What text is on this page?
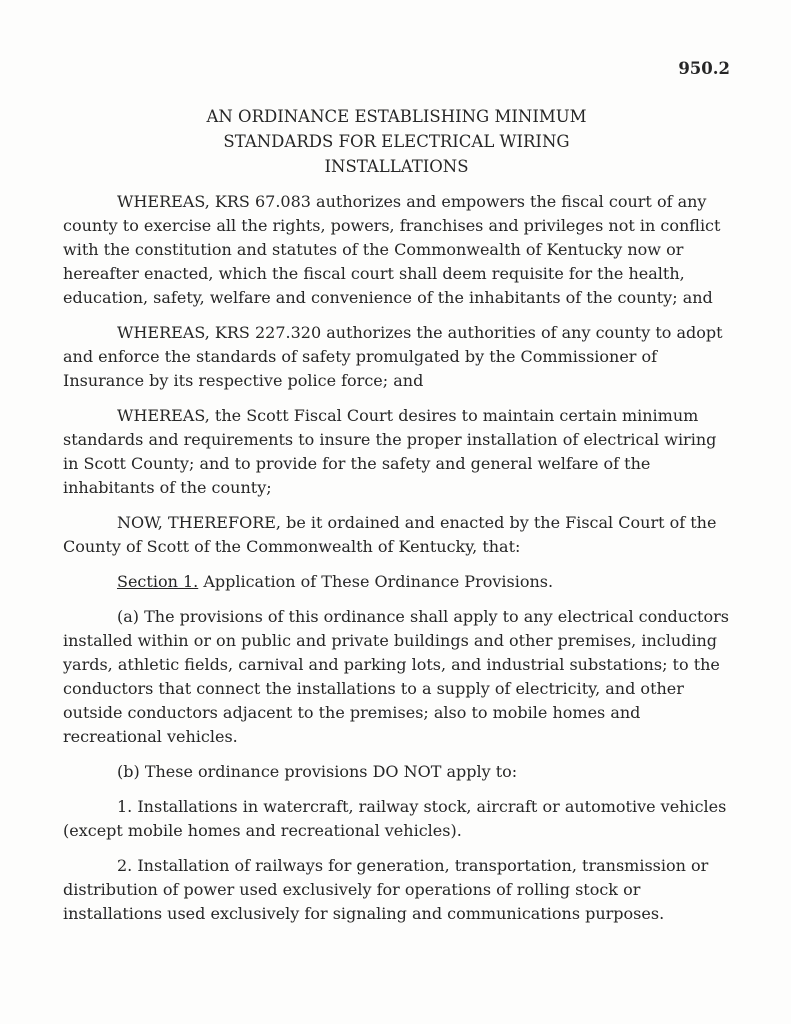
950.2
AN ORDINANCE ESTABLISHING MINIMUM
STANDARDS FOR ELECTRICAL WIRING
INSTALLATIONS

WHEREAS, KRS 67.083 authorizes and empowers the fiscal court of any county to exercise all the rights, powers, franchises and privileges not in conflict with the constitution and statutes of the Commonwealth of Kentucky now or hereafter enacted, which the fiscal court shall deem requisite for the health, education, safety, welfare and convenience of the inhabitants of the county; and

WHEREAS, KRS 227.320 authorizes the authorities of any county to adopt and enforce the standards of safety promulgated by the Commissioner of Insurance by its respective police force; and

WHEREAS, the Scott Fiscal Court desires to maintain certain minimum standards and requirements to insure the proper installation of electrical wiring in Scott County; and to provide for the safety and general welfare of the inhabitants of the county;

NOW, THEREFORE, be it ordained and enacted by the Fiscal Court of the County of Scott of the Commonwealth of Kentucky, that:

Section 1. Application of These Ordinance Provisions.

(a) The provisions of this ordinance shall apply to any electrical conductors installed within or on public and private buildings and other premises, including yards, athletic fields, carnival and parking lots, and industrial substations; to the conductors that connect the installations to a supply of electricity, and other outside conductors adjacent to the premises; also to mobile homes and recreational vehicles.

(b) These ordinance provisions DO NOT apply to:

1. Installations in watercraft, railway stock, aircraft or automotive vehicles (except mobile homes and recreational vehicles).

2. Installation of railways for generation, transportation, transmission or distribution of power used exclusively for operations of rolling stock or installations used exclusively for signaling and communications purposes.
